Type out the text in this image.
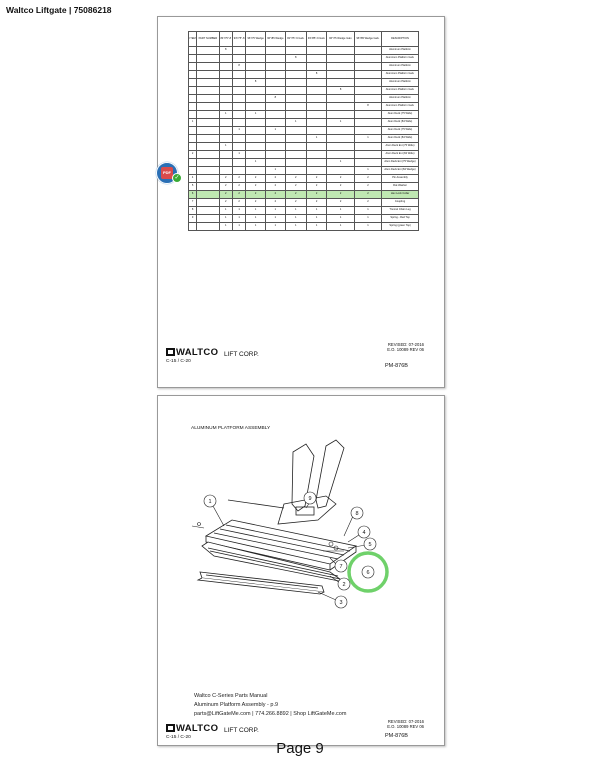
Waltco Liftgate | 75086218
ITEM	PART NUMBER	84"/75"-8	93"/75"-8	96"/75 Wedge	96"/85 Wedge	93"/75"-9 Galv.	93"/85"-9 Galv.	96"/75 Wedge Galv.	96"/85 Wedge Galv.	DESCRIPTION
		8								Aluminum Platform
						8				Aluminum Platform Galv.
			8							Aluminum Platform
							8			Aluminum Platform Galv.
				8						Aluminum Platform
								8		Aluminum Platform Galv.
					8					Aluminum Platform
									8	Aluminum Platform Galv.
		1		1						Alum Deck (75 Wide)
1						1		1		Alum Deck (84 Wide)
			1		1					Alum Deck (75 Wide)
							1		1	Alum Deck (84 Wide)
		1								Alum Deck Ext (75 Wide)
2			1							Alum Deck Ext (84 Wide)
				1				1		Alum Deck Ext (75 Wedge)
					1				1	Alum Deck Ext (84 Wedge)
4		2	2	2	2	2	2	2	2	Pin Assembly
5		2	2	2	2	2	2	2	2	Flat Washer
6		2	2	2	2	2	2	2	2	Hex Lock Collar
7		2	2	2	2	2	2	2	2	Coupling
8		1	1	1	1	1	1	1	1	Trunnel Chain Lug
9		1	1	1	1	1	1	1	1	Spring - Red Top
		1	1	1	1	1	1	1	1	Spring (green Top)
PDF
✓
WALTCO LIFT CORP.
C-15 / C-20
REVISED: 07-2016
E.O. 10089 REV 06
PM-876B
ALUMINUM PLATFORM ASSEMBLY
1	9
8
4
5
6
7
2
3
Waltco C-Series Parts Manual
Aluminum Platform Assembly - p.9
parts@LiftGateMe.com | 774.266.8892 | Shop LiftGateMe.com
WALTCO LIFT CORP.
C-15 / C-20
REVISED: 07-2016
E.O. 10089 REV 06
PM-876B
Page 9
